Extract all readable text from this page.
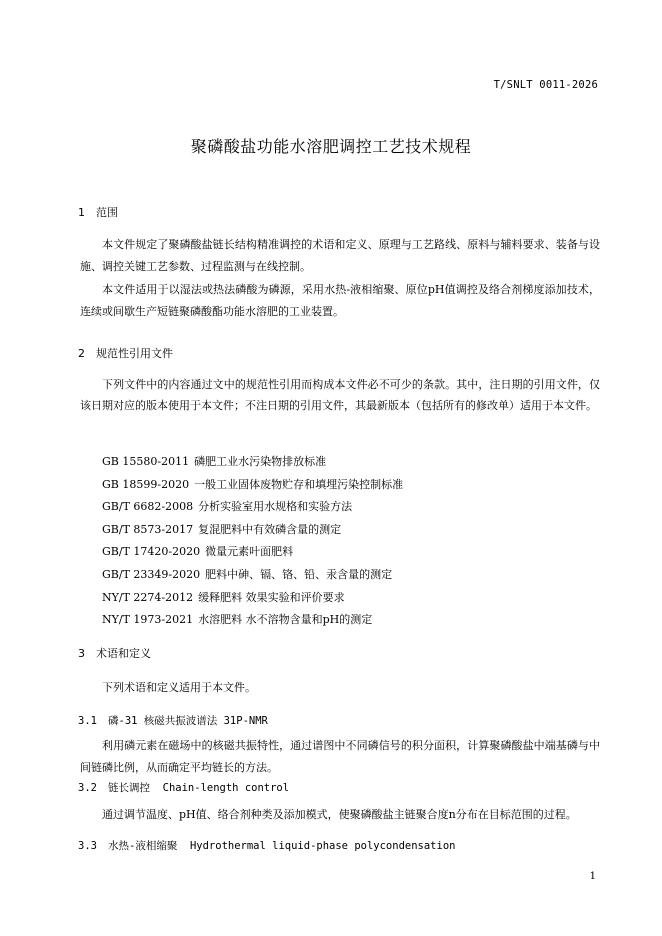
T/SNLT 0011-2026
聚磷酸盐功能水溶肥调控工艺技术规程
1 范围

本文件规定了聚磷酸盐链长结构精准调控的术语和定义、原理与工艺路线、原料与辅料要求、装备与设施、调控关键工艺参数、过程监测与在线控制。

本文件适用于以湿法或热法磷酸为磷源，采用水热-液相缩聚、原位pH值调控及络合剂梯度添加技术，连续或间歇生产短链聚磷酸酯功能水溶肥的工业装置。

2 规范性引用文件

下列文件中的内容通过文中的规范性引用而构成本文件必不可少的条款。其中，注日期的引用文件，仅该日期对应的版本使用于本文件；不注日期的引用文件，其最新版本（包括所有的修改单）适用于本文件。

GB 15580-2011 磷肥工业水污染物排放标准
GB 18599-2020 一般工业固体废物贮存和填埋污染控制标准
GB/T 6682-2008 分析实验室用水规格和实验方法
GB/T 8573-2017 复混肥料中有效磷含量的测定
GB/T 17420-2020 微量元素叶面肥料
GB/T 23349-2020 肥料中砷、镉、铬、铅、汞含量的测定
NY/T 2274-2012 缓释肥料 效果实验和评价要求
NY/T 1973-2021 水溶肥料 水不溶物含量和pH的测定
3 术语和定义

下列术语和定义适用于本文件。

3.1 磷-31 核磁共振波谱法 31P-NMR

利用磷元素在磁场中的核磁共振特性，通过谱图中不同磷信号的积分面积，计算聚磷酸盐中端基磷与中间链磷比例，从而确定平均链长的方法。

3.2 链长调控  Chain-length control

通过调节温度、pH值、络合剂种类及添加模式，使聚磷酸盐主链聚合度n分布在目标范围的过程。

3.3 水热-液相缩聚  Hydrothermal liquid-phase polycondensation
1
